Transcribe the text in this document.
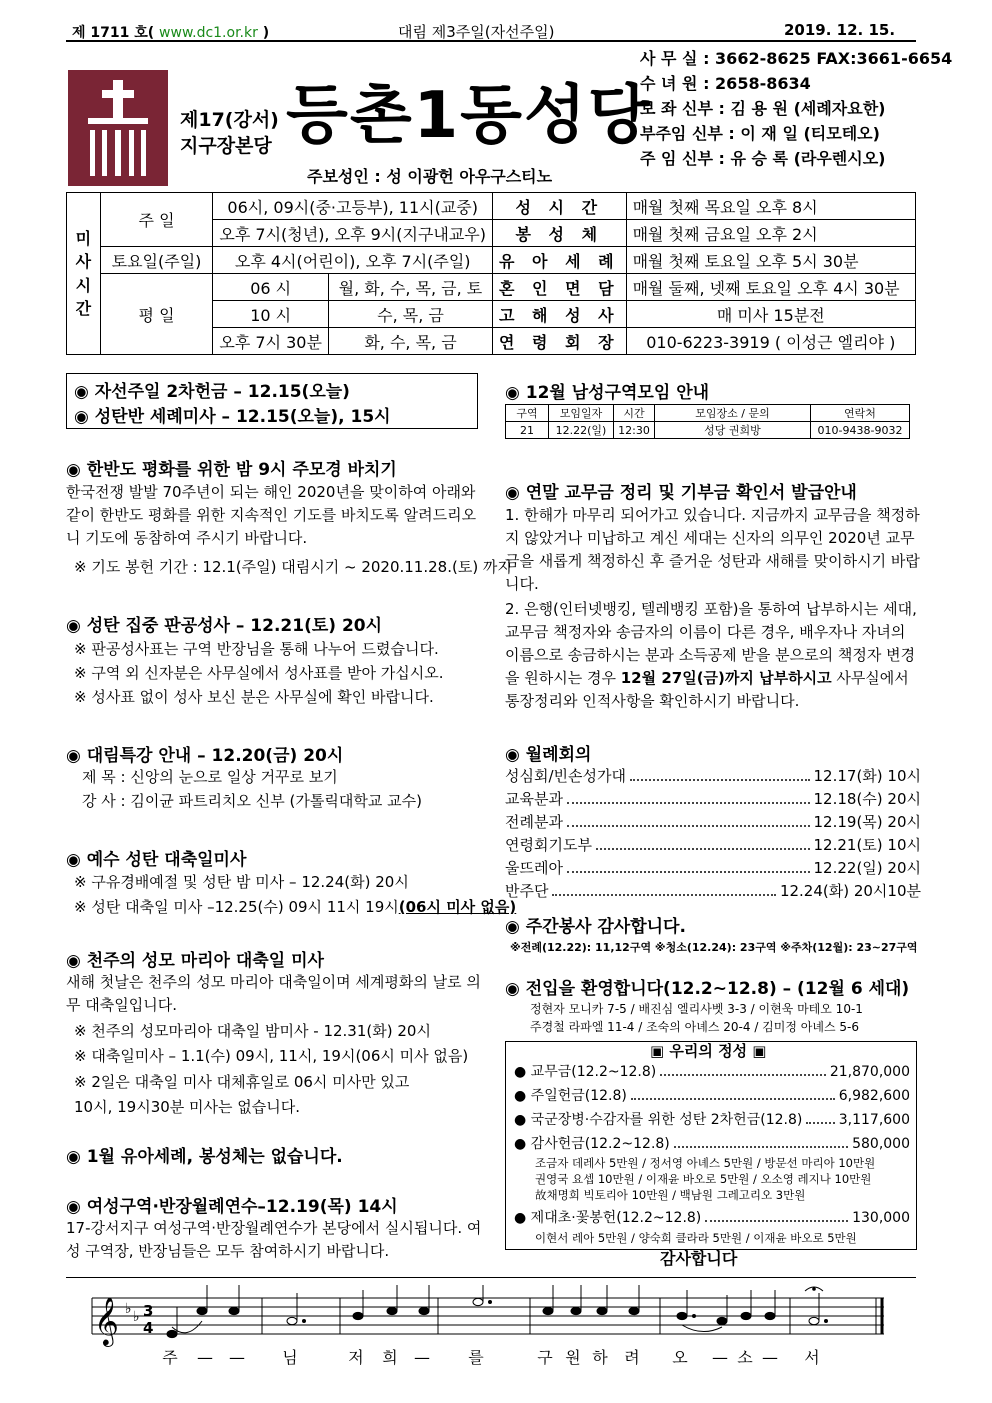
제 1711 호( www.dc1.or.kr )	대림 제3주일(자선주일)	2019. 12. 15.
제17(강서)
지구장본당 등촌1동성당
주보성인 : 성 이광헌 아우구스티노
사 무 실 : 3662-8625 FAX:3661-6654
수 녀 원 : 2658-8634
보 좌 신부 : 김 용 원 (세례자요한)
부주임 신부 : 이 재 일 (티모테오)
주 임 신부 : 유 승 록 (라우렌시오)
미
사
시
간	주 일	06시, 09시(중·고등부), 11시(교중)		성 시 간	매월 첫째 목요일 오후 8시
		오후 7시(청년), 오후 9시(지구내교우)		봉 성 체	매월 첫째 금요일 오후 2시
	토요일(주일)	오후 4시(어린이), 오후 7시(주일)		유 아 세 례	매월 첫째 토요일 오후 5시 30분
	평 일	06 시	월, 화, 수, 목, 금, 토	혼 인 면 담	매월 둘째, 넷째 토요일 오후 4시 30분
		10 시	수, 목, 금	고 해 성 사	매 미사 15분전
		오후 7시 30분	화, 수, 목, 금	연 령 회 장	010-6223-3919 ( 이성근 엘리야 )
◉ 자선주일 2차헌금 – 12.15(오늘)
◉ 성탄반 세례미사 – 12.15(오늘), 15시
◉ 한반도 평화를 위한 밤 9시 주모경 바치기
한국전쟁 발발 70주년이 되는 해인 2020년을 맞이하여 아래와 같이 한반도 평화를 위한 지속적인 기도를 바치도록 알려드리오니 기도에 동참하여 주시기 바랍니다.
※ 기도 봉헌 기간 : 12.1(주일) 대림시기 ~ 2020.11.28.(토) 까지
◉ 성탄 집중 판공성사 – 12.21(토) 20시
※ 판공성사표는 구역 반장님을 통해 나누어 드렸습니다.
※ 구역 외 신자분은 사무실에서 성사표를 받아 가십시오.
※ 성사표 없이 성사 보신 분은 사무실에 확인 바랍니다.
◉ 대림특강 안내 – 12.20(금) 20시
제 목 : 신앙의 눈으로 일상 거꾸로 보기
강 사 : 김이균 파트리치오 신부 (가톨릭대학교 교수)
◉ 예수 성탄 대축일미사
※ 구유경배예절 및 성탄 밤 미사 – 12.24(화) 20시
※ 성탄 대축일 미사 –12.25(수) 09시 11시 19시(06시 미사 없음)
◉ 천주의 성모 마리아 대축일 미사
새해 첫날은 천주의 성모 마리아 대축일이며 세계평화의 날로 의무 대축일입니다.
※ 천주의 성모마리아 대축일 밤미사 - 12.31(화) 20시
※ 대축일미사 – 1.1(수) 09시, 11시, 19시(06시 미사 없음)
※ 2일은 대축일 미사 대체휴일로 06시 미사만 있고
10시, 19시30분 미사는 없습니다.
◉ 1월 유아세례, 봉성체는 없습니다.
◉ 여성구역·반장월례연수–12.19(목) 14시
17-강서지구 여성구역·반장월례연수가 본당에서 실시됩니다. 여성 구역장, 반장님들은 모두 참여하시기 바랍니다.
◉ 12월 남성구역모임 안내
구역	모임일자	시간	모임장소 / 문의	연락처
21	12.22(일)	12:30	성당 권희방	010-9438-9032
◉ 연말 교무금 정리 및 기부금 확인서 발급안내
1. 한해가 마무리 되어가고 있습니다. 지금까지 교무금을 책정하지 않았거나 미납하고 계신 세대는 신자의 의무인 2020년 교무금을 새롭게 책정하신 후 즐거운 성탄과 새해를 맞이하시기 바랍니다.
2. 은행(인터넷뱅킹, 텔레뱅킹 포함)을 통하여 납부하시는 세대, 교무금 책정자와 송금자의 이름이 다른 경우, 배우자나 자녀의 이름으로 송금하시는 분과 소득공제 받을 분으로의 책정자 변경을 원하시는 경우 12월 27일(금)까지 납부하시고 사무실에서 통장정리와 인적사항을 확인하시기 바랍니다.
◉ 월례회의
성심회/빈손성가대	12.17(화) 10시
교육분과	12.18(수) 20시
전례분과	12.19(목) 20시
연령회기도부	12.21(토) 10시
울뜨레아	12.22(일) 20시
반주단	12.24(화) 20시10분
◉ 주간봉사 감사합니다.
※전례(12.22): 11,12구역 ※청소(12.24): 23구역 ※주차(12월): 23~27구역
◉ 전입을 환영합니다(12.2~12.8) – (12월 6 세대)
정현자 모니카 7-5 / 배진심 엘리사벳 3-3 / 이현욱 마테오 10-1
주경철 라파엘 11-4 / 조숙의 아녜스 20-4 / 김미정 아녜스 5-6
▣ 우리의 정성 ▣
● 교무금(12.2~12.8)	21,870,000
● 주일헌금(12.8)	6,982,600
● 국군장병·수감자를 위한 성탄 2차헌금(12.8)	3,117,600
● 감사헌금(12.2~12.8)	580,000
조금자 데레사 5만원 / 정서영 아녜스 5만원 / 방문선 마리아 10만원
권영국 요셉 10만원 / 이재윤 바오로 5만원 / 오소영 레지나 10만원
故채명희 빅토리아 10만원 / 백남원 그레고리오 3만원
● 제대초·꽃봉헌(12.2~12.8)	130,000
이현서 레아 5만원 / 양숙희 클라라 5만원 / 이재윤 바오로 5만원
감사합니다
𝄞 ♭ ♭ 3
4
주 — — 님	저 희 — 를	구 원 하 려 오 — 소 — 서
